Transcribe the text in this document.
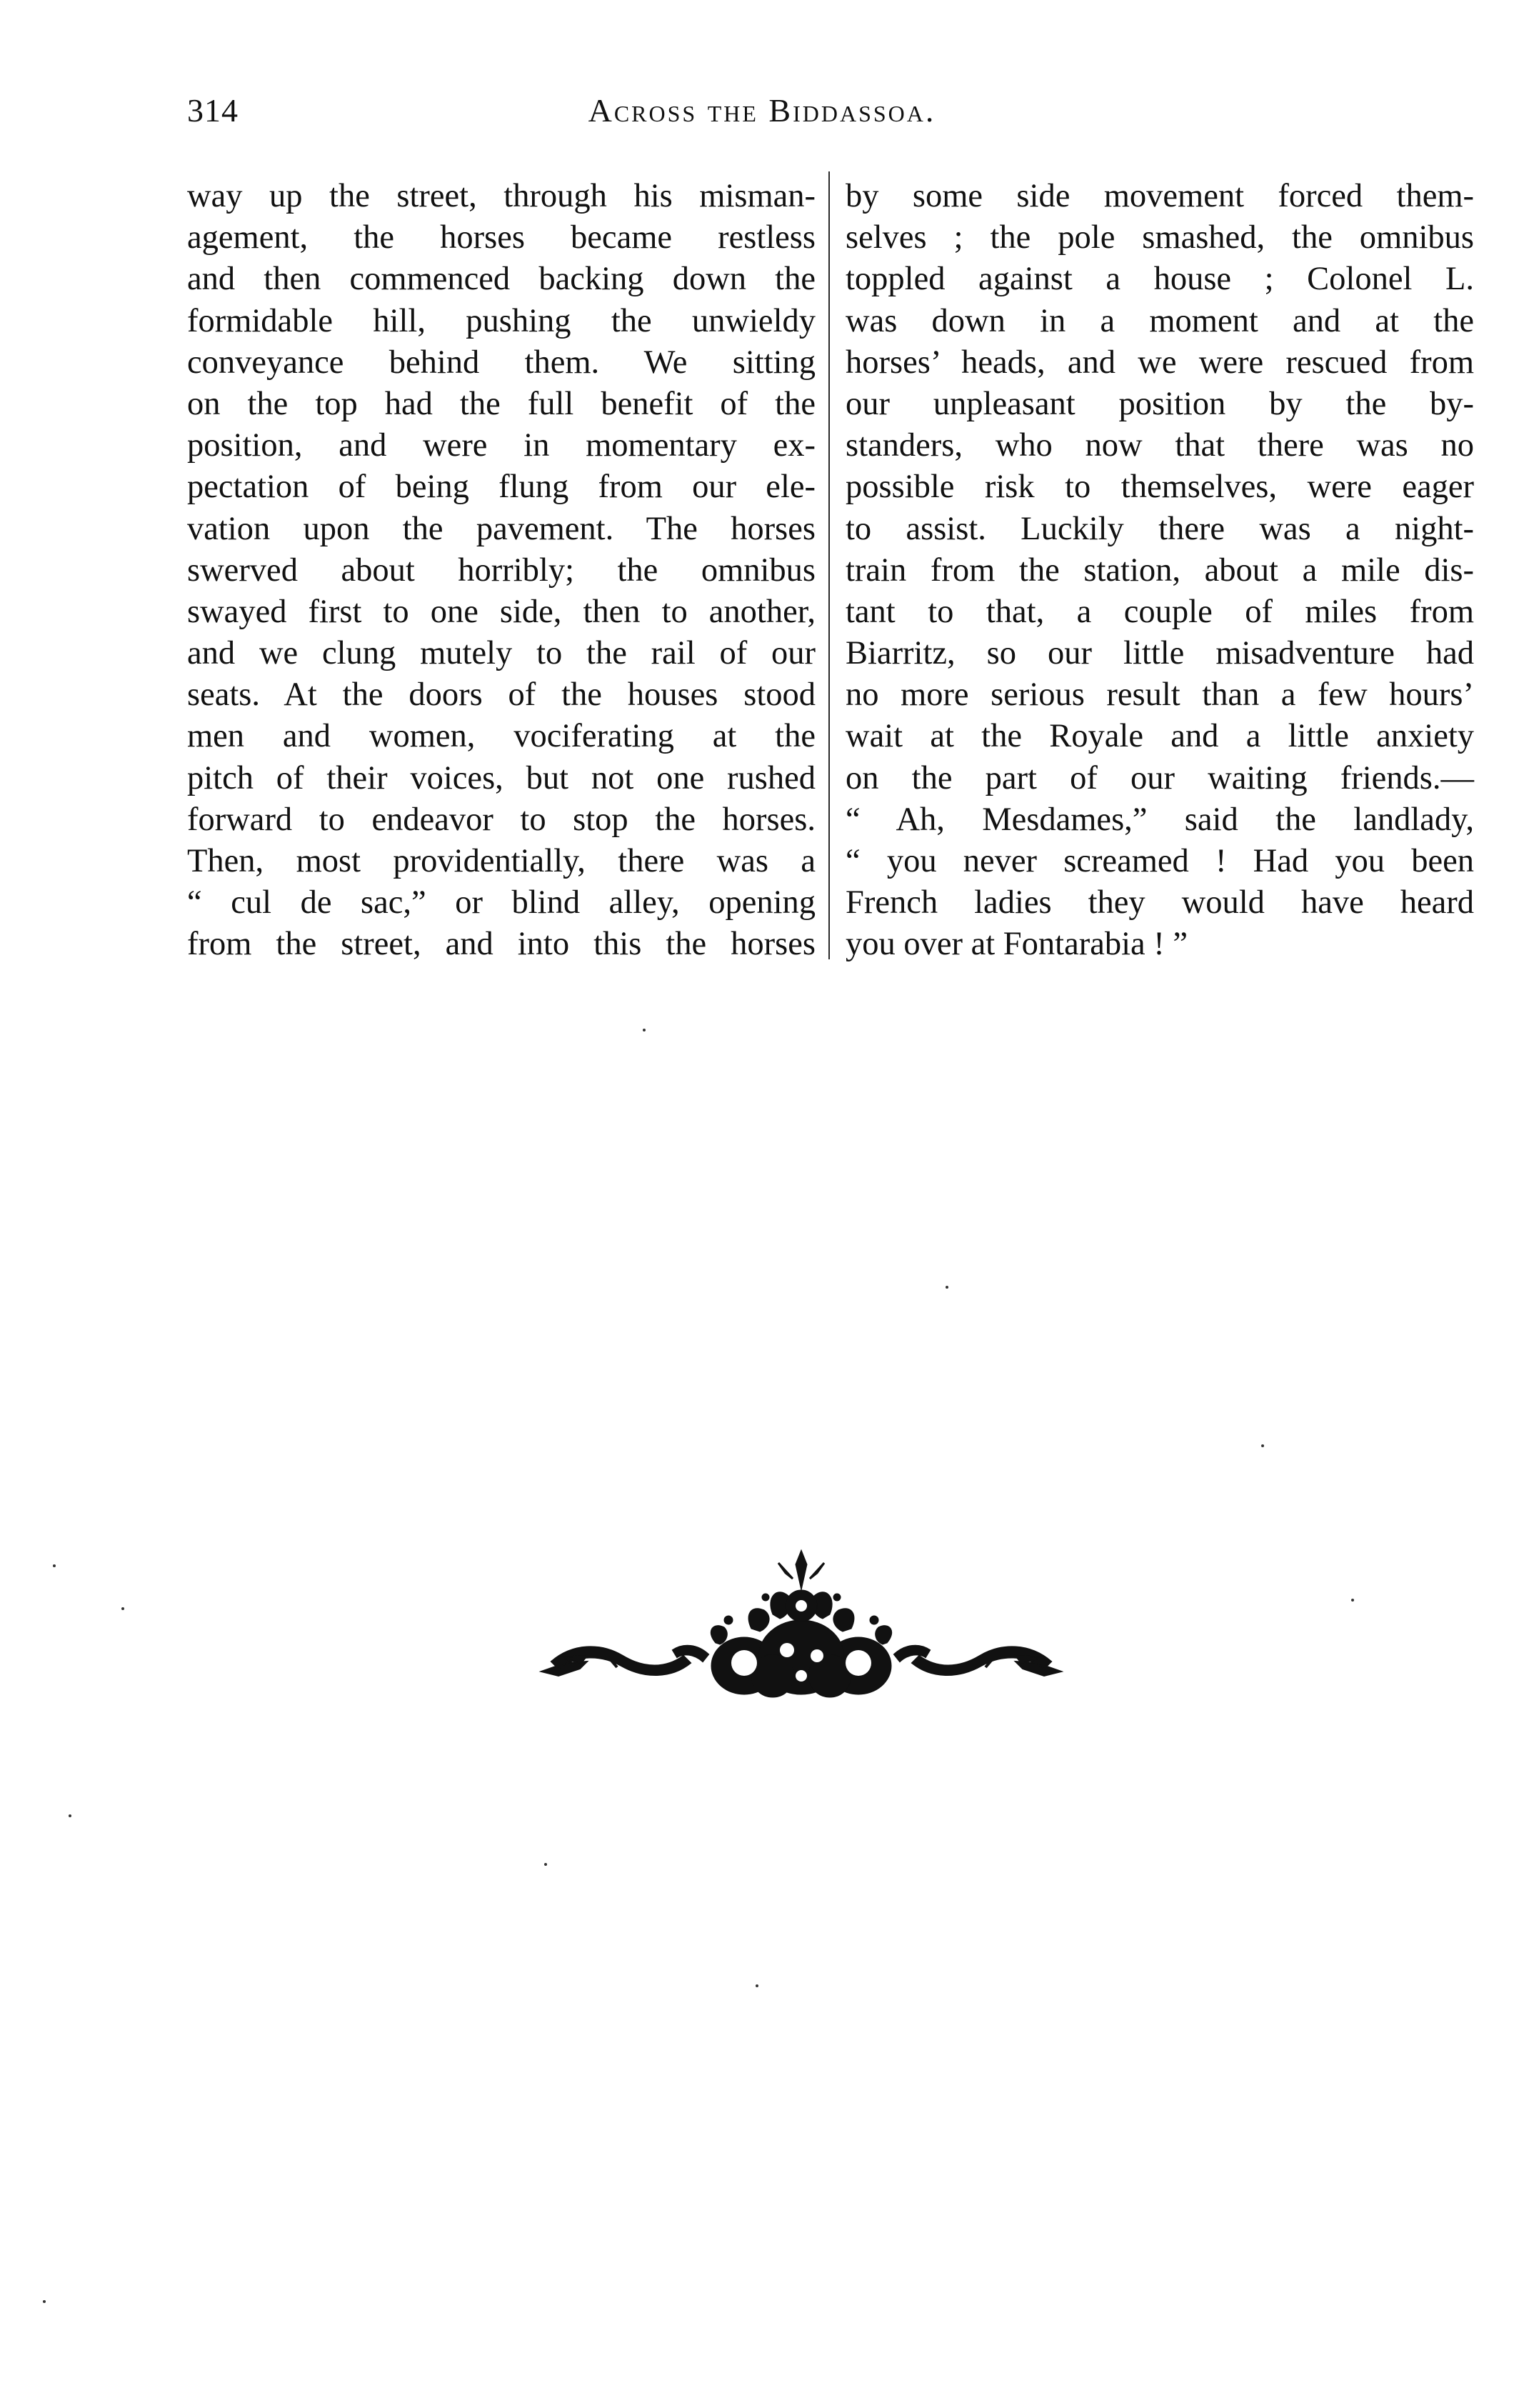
314	Across the Biddassoa.
way up the street, through his misman-
agement, the horses became restless
and then commenced backing down the
formidable hill, pushing the unwieldy
conveyance behind them. We sitting
on the top had the full benefit of the
position, and were in momentary ex-
pectation of being flung from our ele-
vation upon the pavement. The horses
swerved about horribly; the omnibus
swayed first to one side, then to another,
and we clung mutely to the rail of our
seats. At the doors of the houses stood
men and women, vociferating at the
pitch of their voices, but not one rushed
forward to endeavor to stop the horses.
Then, most providentially, there was a
“ cul de sac,” or blind alley, opening
from the street, and into this the horses
by some side movement forced them-
selves ; the pole smashed, the omnibus
toppled against a house ; Colonel L.
was down in a moment and at the
horses’ heads, and we were rescued from
our unpleasant position by the by-
standers, who now that there was no
possible risk to themselves, were eager
to assist. Luckily there was a night-
train from the station, about a mile dis-
tant to that, a couple of miles from
Biarritz, so our little misadventure had
no more serious result than a few hours’
wait at the Royale and a little anxiety
on the part of our waiting friends.—
“ Ah, Mesdames,” said the landlady,
“ you never screamed ! Had you been
French ladies they would have heard
you over at Fontarabia ! ”
